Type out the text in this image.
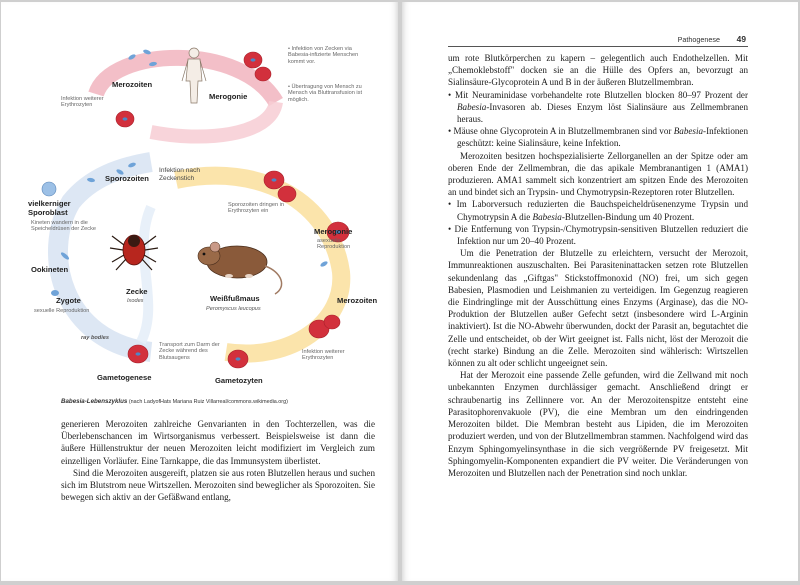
Merozoiten
Infektion weiterer Erythrozyten
Merogonie
• Infektion von Zecken via Babesia-infizierte Menschen kommt vor.
• Übertragung von Mensch zu Mensch via Bluttransfusion ist möglich.
Infektion nach Zeckenstich
Sporozoiten
vielkerniger Sporoblast
Kineten wandern in die Speicheldrüsen der Zecke
Sporozoiten dringen in Erythrozyten ein
Merogonie
asexuelle Reproduktion
Ookineten
Zecke
Ixodes	Weißfußmaus
Peromyscus leucopus
Merozoiten
Zygote
sexuelle Reproduktion
ray bodies
Transport zum Darm der Zecke während des Blutsaugens
Infektion weiterer Erythrozyten
Gametogenese	Gametozyten
Babesia-Lebenszyklus (nach LadyofHats Mariana Ruiz Villarreal/commons.wikimedia.org)

generieren Merozoiten zahlreiche Genvarianten in den Tochterzellen, was die Überlebenschancen im Wirtsorganismus verbessert. Beispielsweise ist dann die äußere Hüllenstruktur der neuen Merozoiten leicht modifiziert im Vergleich zum einzelligen Vorläufer. Eine Tarnkappe, die das Immunsystem überlistet.

Sind die Merozoiten ausgereift, platzen sie aus roten Blutzellen heraus und suchen sich im Blutstrom neue Wirtszellen. Merozoiten sind beweglicher als Sporozoiten. Sie bewegen sich aktiv an der Gefäßwand entlang,

Pathogenese 49

um rote Blutkörperchen zu kapern – gelegentlich auch Endothelzellen. Mit „Chemoklebstoff" docken sie an die Hülle des Opfers an, bevorzugt an Sialinsäure-Glycoprotein A und B in der äußeren Blutzellmembran.

• Mit Neuraminidase vorbehandelte rote Blutzellen blocken 80–97 Prozent der Babesia-Invasoren ab. Dieses Enzym löst Sialinsäure aus Zellmembranen heraus.

• Mäuse ohne Glycoprotein A in Blutzellmembranen sind vor Babesia-Infektionen geschützt: keine Sialinsäure, keine Infektion.

Merozoiten besitzen hochspezialisierte Zellorganellen an der Spitze oder am oberen Ende der Zellmembran, die das apikale Membranantigen 1 (AMA1) produzieren. AMA1 sammelt sich konzentriert am spitzen Ende des Merozoiten an und bindet sich an Trypsin- und Chymotrypsin-Rezeptoren roter Blutzellen.

• Im Laborversuch reduzierten die Bauchspeicheldrüsenenzyme Trypsin und Chymotrypsin A die Babesia-Blutzellen-Bindung um 40 Prozent.

• Die Entfernung von Trypsin-/Chymotrypsin-sensitiven Blutzellen reduziert die Infektion nur um 20–40 Prozent.

Um die Penetration der Blutzelle zu erleichtern, versucht der Merozoit, Immunreaktionen auszuschalten. Bei Parasiteninattacken setzen rote Blutzellen sekundenlang das „Giftgas" Stickstoffmonoxid (NO) frei, um sich gegen Babesien, Plasmodien und Leishmanien zu verteidigen. Im Gegenzug reagieren die Eindringlinge mit der Ausschüttung eines Enzyms (Arginase), das die NO-Produktion der Blutzellen außer Gefecht setzt (insbesondere wird L-Arginin inaktiviert). Ist die NO-Abwehr überwunden, dockt der Parasit an, begutachtet die Zelle und entscheidet, ob der Wirt geeignet ist. Falls nicht, löst der Merozoit die (recht starke) Bindung an die Zelle. Merozoiten sind wählerisch: Wirtszellen können zu alt oder schlicht ungeeignet sein.

Hat der Merozoit eine passende Zelle gefunden, wird die Zellwand mit noch unbekannten Enzymen durchlässiger gemacht. Anschließend dringt er schraubenartig ins Zellinnere vor. An der Merozoitenspitze entsteht eine Parasitophorenvakuole (PV), die eine Membran um den eindringenden Merozoiten bildet. Die Membran besteht aus Lipiden, die im Merozoiten produziert werden, und von der Blutzellmembran stammen. Nachfolgend wird das Enzym Sphingomyelinsynthase in die sich vergrößernde PV freigesetzt. Mit Sphingomyelin-Komponenten expandiert die PV weiter. Die Veränderungen von Merozoiten und Blutzellen nach der Penetration sind noch unklar.
